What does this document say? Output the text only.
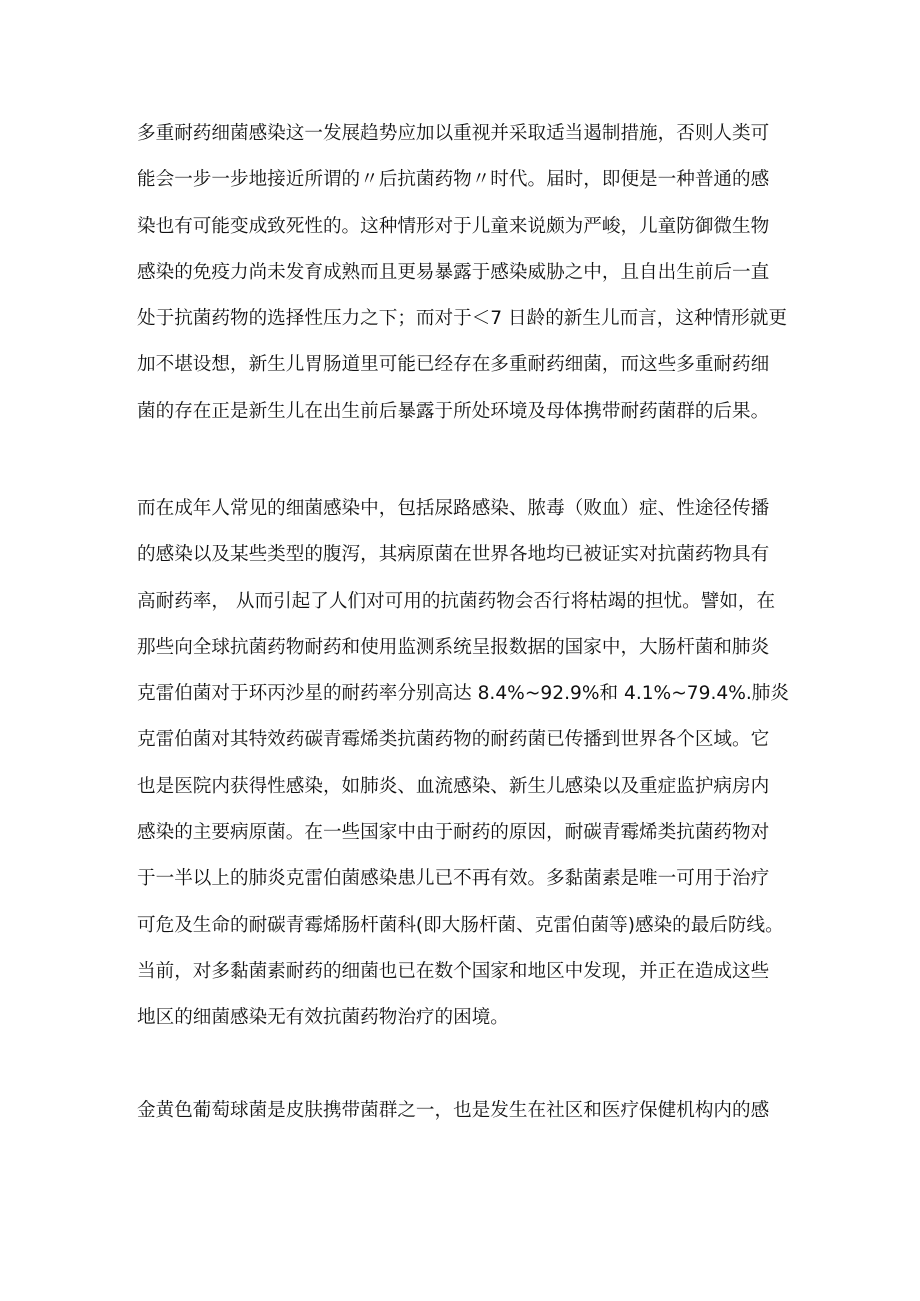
多重耐药细菌感染这一发展趋势应加以重视并采取适当遏制措施，否则人类可
能会一步一步地接近所谓的〃后抗菌药物〃时代。届时，即便是一种普通的感
染也有可能变成致死性的。这种情形对于儿童来说颇为严峻，儿童防御微生物
感染的免疫力尚未发育成熟而且更易暴露于感染威胁之中，且自出生前后一直
处于抗菌药物的选择性压力之下；而对于＜7 日龄的新生儿而言，这种情形就更
加不堪设想，新生儿胃肠道里可能已经存在多重耐药细菌，而这些多重耐药细
菌的存在正是新生儿在出生前后暴露于所处环境及母体携带耐药菌群的后果。
而在成年人常见的细菌感染中，包括尿路感染、脓毒（败血）症、性途径传播
的感染以及某些类型的腹泻，其病原菌在世界各地均已被证实对抗菌药物具有
高耐药率， 从而引起了人们对可用的抗菌药物会否行将枯竭的担忧。譬如，在
那些向全球抗菌药物耐药和使用监测系统呈报数据的国家中，大肠杆菌和肺炎
克雷伯菌对于环丙沙星的耐药率分别高达 8.4%~92.9%和 4.1%~79.4%.肺炎
克雷伯菌对其特效药碳青霉烯类抗菌药物的耐药菌已传播到世界各个区域。它
也是医院内获得性感染，如肺炎、血流感染、新生儿感染以及重症监护病房内
感染的主要病原菌。在一些国家中由于耐药的原因，耐碳青霉烯类抗菌药物对
于一半以上的肺炎克雷伯菌感染患儿已不再有效。多黏菌素是唯一可用于治疗
可危及生命的耐碳青霉烯肠杆菌科(即大肠杆菌、克雷伯菌等)感染的最后防线。
当前，对多黏菌素耐药的细菌也已在数个国家和地区中发现，并正在造成这些
地区的细菌感染无有效抗菌药物治疗的困境。
金黄色葡萄球菌是皮肤携带菌群之一，也是发生在社区和医疗保健机构内的感
